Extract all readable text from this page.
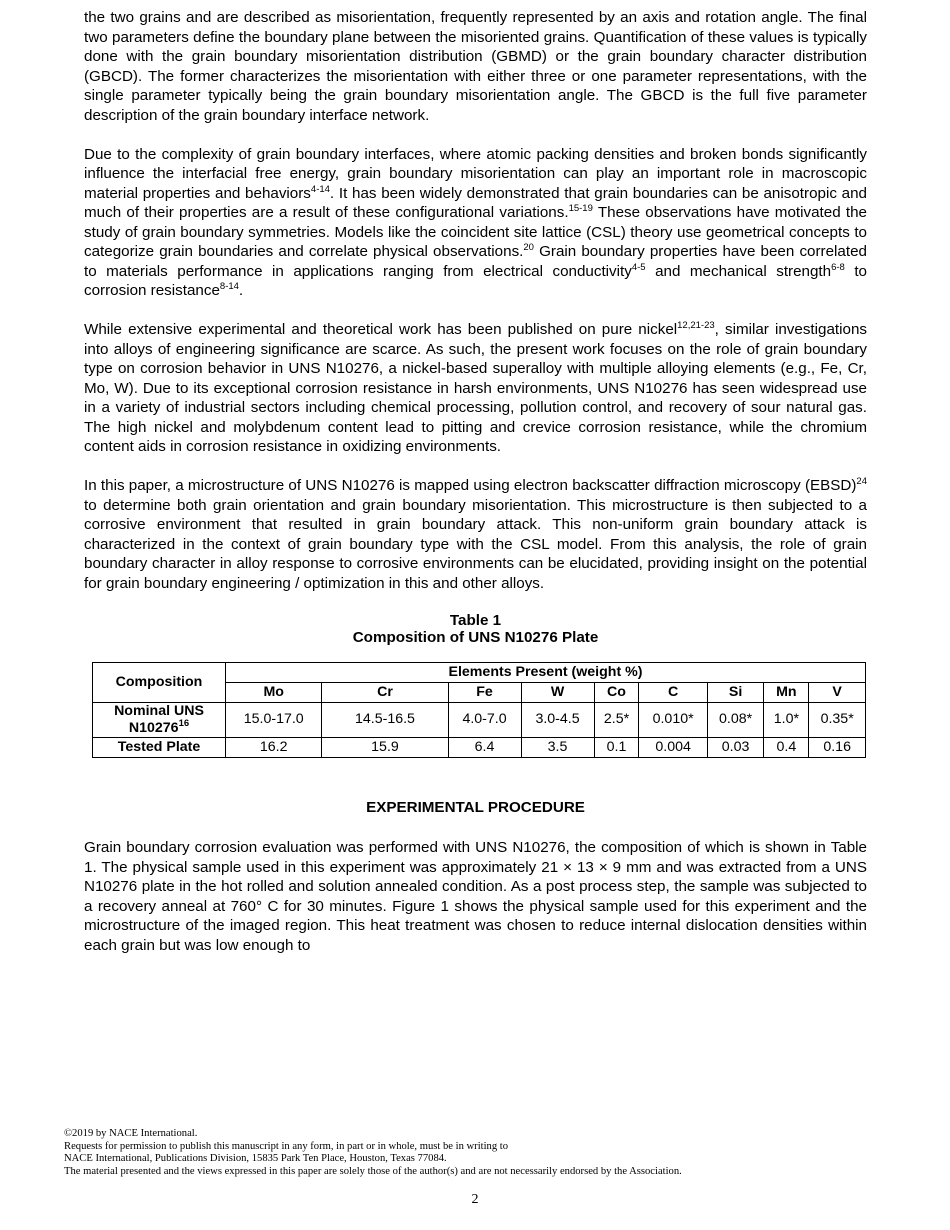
the two grains and are described as misorientation, frequently represented by an axis and rotation angle. The final two parameters define the boundary plane between the misoriented grains. Quantification of these values is typically done with the grain boundary misorientation distribution (GBMD) or the grain boundary character distribution (GBCD). The former characterizes the misorientation with either three or one parameter representations, with the single parameter typically being the grain boundary misorientation angle. The GBCD is the full five parameter description of the grain boundary interface network.

Due to the complexity of grain boundary interfaces, where atomic packing densities and broken bonds significantly influence the interfacial free energy, grain boundary misorientation can play an important role in macroscopic material properties and behaviors$^{4-14}$. It has been widely demonstrated that grain boundaries can be anisotropic and much of their properties are a result of these configurational variations.$^{15-19}$ These observations have motivated the study of grain boundary symmetries. Models like the coincident site lattice (CSL) theory use geometrical concepts to categorize grain boundaries and correlate physical observations.$^{20}$ Grain boundary properties have been correlated to materials performance in applications ranging from electrical conductivity$^{4-5}$ and mechanical strength$^{6-8}$ to corrosion resistance$^{8-14}$.

While extensive experimental and theoretical work has been published on pure nickel$^{12,21-23}$, similar investigations into alloys of engineering significance are scarce. As such, the present work focuses on the role of grain boundary type on corrosion behavior in UNS N10276, a nickel-based superalloy with multiple alloying elements (e.g., Fe, Cr, Mo, W). Due to its exceptional corrosion resistance in harsh environments, UNS N10276 has seen widespread use in a variety of industrial sectors including chemical processing, pollution control, and recovery of sour natural gas. The high nickel and molybdenum content lead to pitting and crevice corrosion resistance, while the chromium content aids in corrosion resistance in oxidizing environments.

In this paper, a microstructure of UNS N10276 is mapped using electron backscatter diffraction microscopy (EBSD)$^{24}$ to determine both grain orientation and grain boundary misorientation. This microstructure is then subjected to a corrosive environment that resulted in grain boundary attack. This non-uniform grain boundary attack is characterized in the context of grain boundary type with the CSL model. From this analysis, the role of grain boundary character in alloy response to corrosive environments can be elucidated, providing insight on the potential for grain boundary engineering / optimization in this and other alloys.

Table 1
Composition of UNS N10276 Plate
Composition	Elements Present (weight %)								
	Mo	Cr	Fe	W	Co	C	Si	Mn	V
Nominal UNS N10276$^{16}$	15.0-17.0	14.5-16.5	4.0-7.0	3.0-4.5	2.5*	0.010*	0.08*	1.0*	0.35*
Tested Plate	16.2	15.9	6.4	3.5	0.1	0.004	0.03	0.4	0.16
EXPERIMENTAL PROCEDURE

Grain boundary corrosion evaluation was performed with UNS N10276, the composition of which is shown in Table 1. The physical sample used in this experiment was approximately 21 × 13 × 9 mm and was extracted from a UNS N10276 plate in the hot rolled and solution annealed condition. As a post process step, the sample was subjected to a recovery anneal at 760° C for 30 minutes. Figure 1 shows the physical sample used for this experiment and the microstructure of the imaged region. This heat treatment was chosen to reduce internal dislocation densities within each grain but was low enough to

©2019 by NACE International.
Requests for permission to publish this manuscript in any form, in part or in whole, must be in writing to
NACE International, Publications Division, 15835 Park Ten Place, Houston, Texas 77084.
The material presented and the views expressed in this paper are solely those of the author(s) and are not necessarily endorsed by the Association.
2
